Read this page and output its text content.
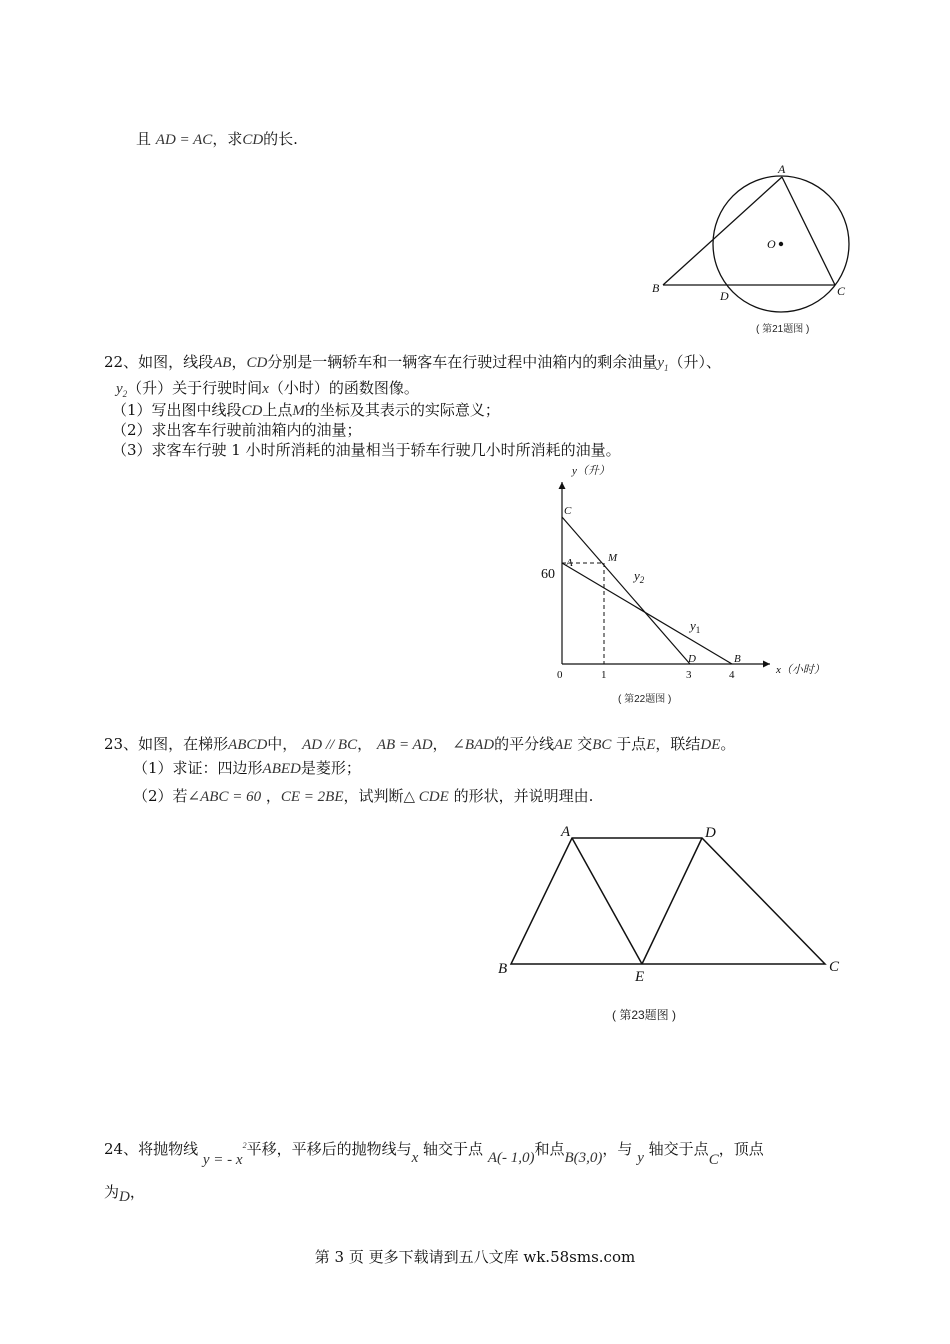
且 AD = AC，求CD的长.
A
O
B
D	C
( 第21题图 )
22、如图，线段AB，CD分别是一辆轿车和一辆客车在行驶过程中油箱内的剩余油量$y_1$（升）、
$y_2$（升）关于行驶时间x（小时）的函数图像。
（1）写出图中线段CD上点M的坐标及其表示的实际意义；
（2）求出客车行驶前油箱内的油量；
（3）求客车行驶 1 小时所消耗的油量相当于轿车行驶几小时所消耗的油量。
y（升）
x（小时）
60
0	1	3	4
C
A	M
D	B
$y_2$
$y_1$
( 第22题图 )
23、如图，在梯形ABCD中， AD // BC， AB = AD， ∠BAD的平分线AE 交BC 于点E，联结DE。
（1）求证：四边形ABED是菱形；
（2）若∠ABC = 60 ，CE = 2BE，试判断△ CDE 的形状，并说明理由.
A	D
B	E
C
( 第23题图 )
24、将抛物线 y = - $x^2$平移，平移后的抛物线与x 轴交于点 A(- 1,0)和点B(3,0)，与 y 轴交于点C，顶点
为D，
第 3 页 更多下载请到五八文库 wk.58sms.com
